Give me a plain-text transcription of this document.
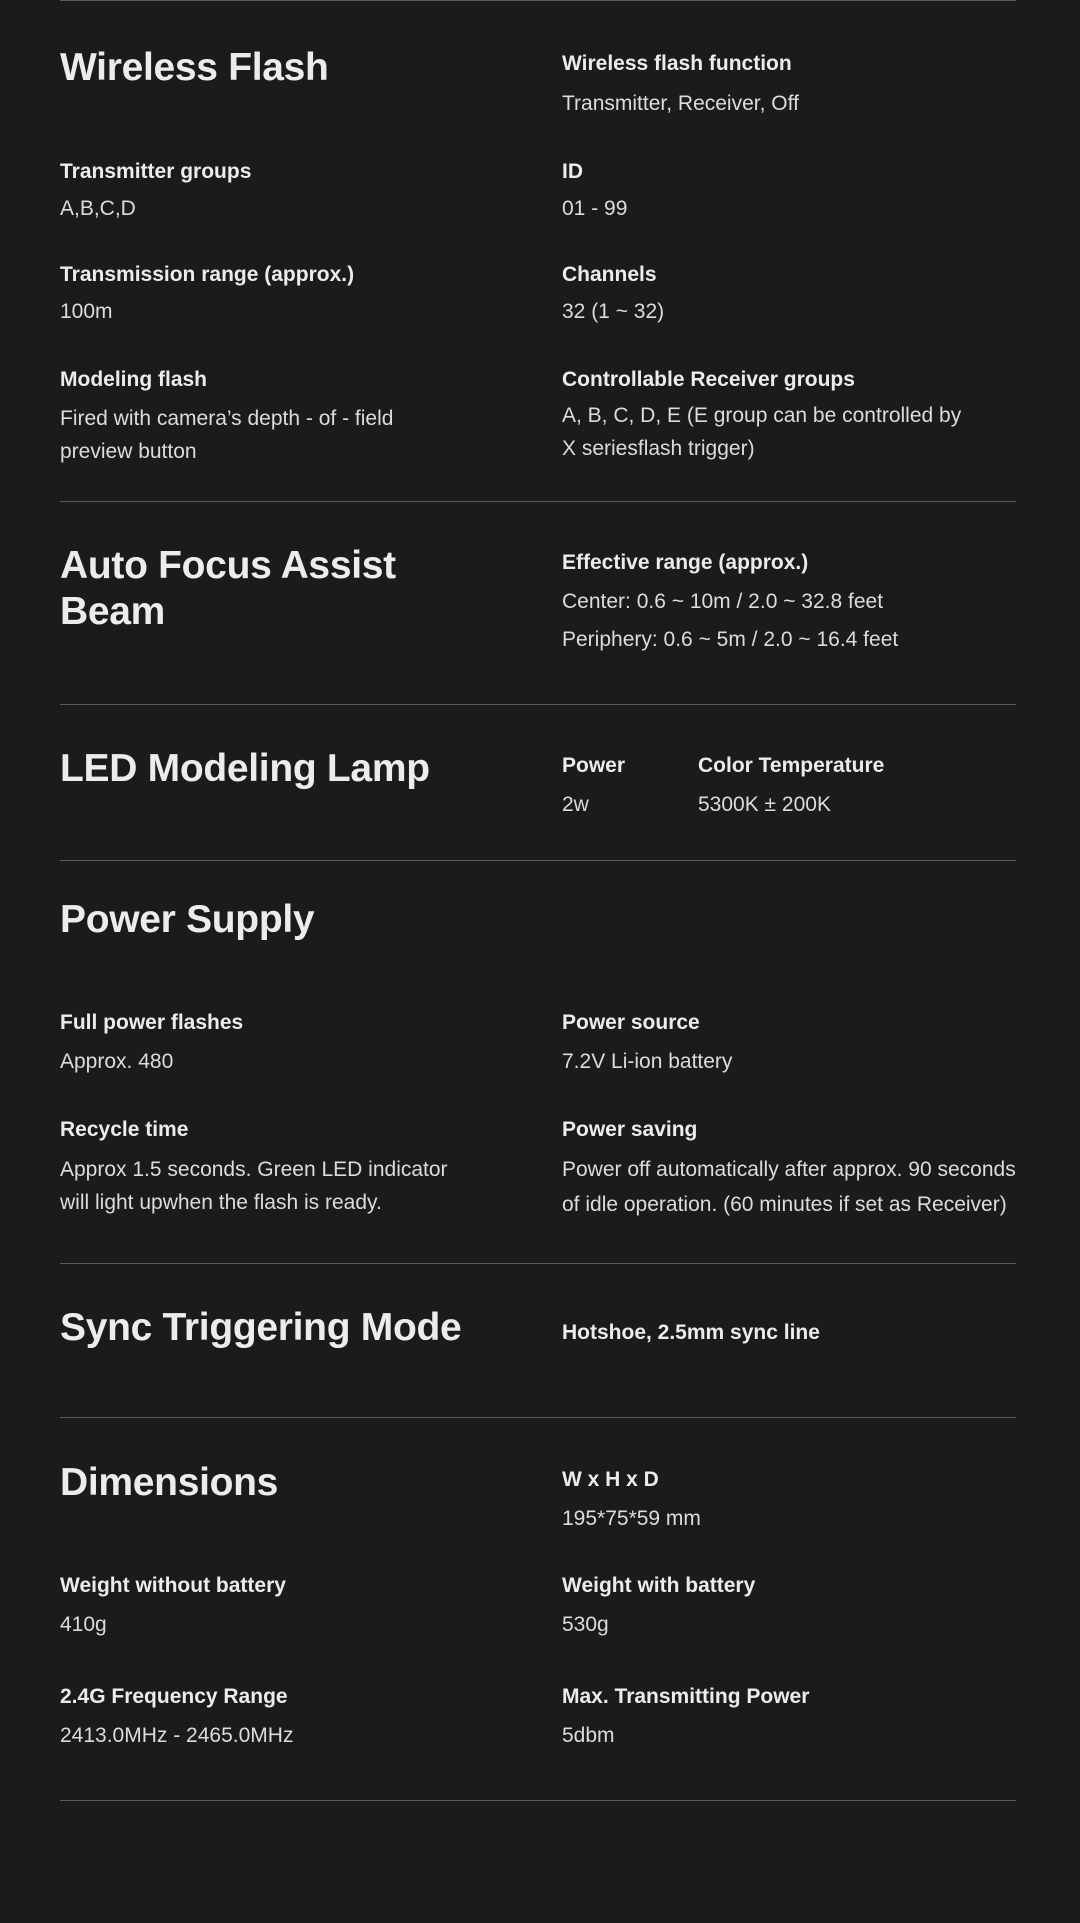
Wireless Flash	Wireless flash function
Transmitter, Receiver, Off
Transmitter groups
A,B,C,D
ID
01 - 99
Transmission range (approx.)
100m
Channels
32 (1 ~ 32)
Modeling flash
Fired with camera’s depth - of - field
preview button
Controllable Receiver groups
A, B, C, D, E (E group can be controlled by
X seriesflash trigger)
Auto Focus Assist
Beam
Effective range (approx.)
Center: 0.6 ~ 10m / 2.0 ~ 32.8 feet
Periphery: 0.6 ~ 5m / 2.0 ~ 16.4 feet
LED Modeling Lamp	Power
2w
Color Temperature
5300K ± 200K
Power Supply
Full power flashes
Approx. 480
Power source
7.2V Li-ion battery
Recycle time
Approx 1.5 seconds. Green LED indicator
will light upwhen the flash is ready.
Power saving
Power off automatically after approx. 90 seconds
of idle operation. (60 minutes if set as Receiver)
Sync Triggering Mode	Hotshoe, 2.5mm sync line
Dimensions	W x H x D
195*75*59 mm
Weight without battery
410g
Weight with battery
530g
2.4G Frequency Range
2413.0MHz - 2465.0MHz
Max. Transmitting Power
5dbm
